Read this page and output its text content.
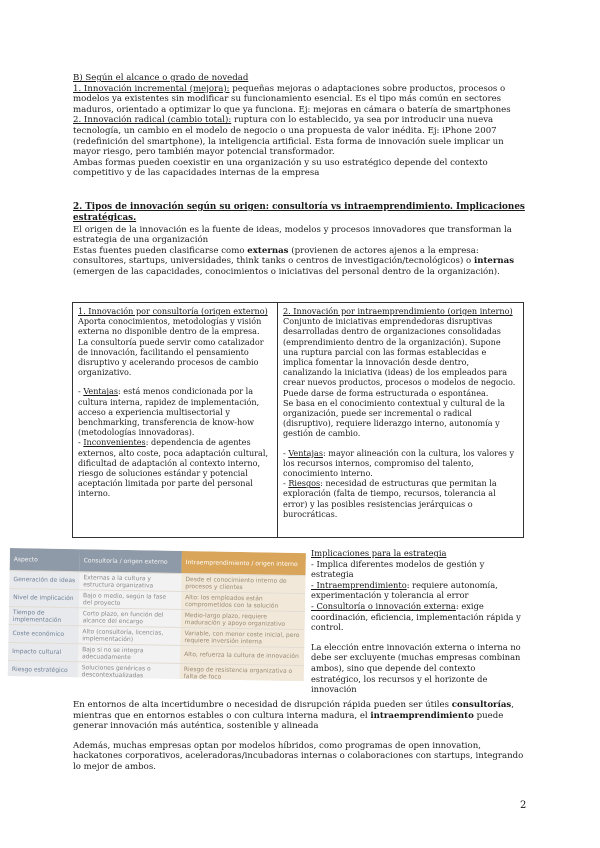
B) Según el alcance o grado de novedad

1. Innovación incremental (mejora): pequeñas mejoras o adaptaciones sobre productos, procesos o modelos ya existentes sin modificar su funcionamiento esencial. Es el tipo más común en sectores maduros, orientado a optimizar lo que ya funciona. Ej: mejoras en cámara o batería de smartphones

2. Innovación radical (cambio total): ruptura con lo establecido, ya sea por introducir una nueva tecnología, un cambio en el modelo de negocio o una propuesta de valor inédita. Ej: iPhone 2007 (redefinición del smartphone), la inteligencia artificial. Esta forma de innovación suele implicar un mayor riesgo, pero también mayor potencial transformador.

Ambas formas pueden coexistir en una organización y su uso estratégico depende del contexto competitivo y de las capacidades internas de la empresa

2. Tipos de innovación según su origen: consultoría vs intraemprendimiento. Implicaciones estratégicas.

El origen de la innovación es la fuente de ideas, modelos y procesos innovadores que transforman la estrategia de una organización

Estas fuentes pueden clasificarse como externas (provienen de actores ajenos a la empresa: consultores, startups, universidades, think tanks o centros de investigación/tecnológicos) o internas (emergen de las capacidades, conocimientos o iniciativas del personal dentro de la organización).

1. Innovación por consultoría (origen externo)

Aporta conocimientos, metodologías y visión externa no disponible dentro de la empresa. La consultoría puede servir como catalizador de innovación, facilitando el pensamiento disruptivo y acelerando procesos de cambio organizativo.

- Ventajas: está menos condicionada por la cultura interna, rapidez de implementación, acceso a experiencia multisectorial y benchmarking, transferencia de know-how (metodologías innovadoras).

- Inconvenientes: dependencia de agentes externos, alto coste, poca adaptación cultural, dificultad de adaptación al contexto interno, riesgo de soluciones estándar y potencial aceptación limitada por parte del personal interno.

2. Innovación por intraemprendimiento (origen interno)

Conjunto de iniciativas emprendedoras disruptivas desarrolladas dentro de organizaciones consolidadas (emprendimiento dentro de la organización). Supone una ruptura parcial con las formas establecidas e implica fomentar la innovación desde dentro, canalizando la iniciativa (ideas) de los empleados para crear nuevos productos, procesos o modelos de negocio.

Puede darse de forma estructurada o espontánea.

Se basa en el conocimiento contextual y cultural de la organización, puede ser incremental o radical (disruptivo), requiere liderazgo interno, autonomía y gestión de cambio.

- Ventajas: mayor alineación con la cultura, los valores y los recursos internos, compromiso del talento, conocimiento interno.

- Riesgos: necesidad de estructuras que permitan la exploración (falta de tiempo, recursos, tolerancia al error) y las posibles resistencias jerárquicas o burocráticas.

Aspecto	Consultoría / origen externo	Intraemprendimiento / origen interno
Generación de ideas	Externas a la cultura y estructura organizativa	Desde el conocimiento interno de procesos y clientes
Nivel de implicación	Bajo o medio, según la fase del proyecto	Alto: los empleados están comprometidos con la solución
Tiempo de implementación	Corto plazo, en función del alcance del encargo	Medio-largo plazo, requiere maduración y apoyo organizativo
Coste económico	Alto (consultoría, licencias, implementación)	Variable, con menor coste inicial, pero requiere inversión interna
Impacto cultural	Bajo si no se integra adecuadamente	Alto, refuerza la cultura de innovación
Riesgo estratégico	Soluciones genéricas o descontextualizadas	Riesgo de resistencia organizativa o falta de foco

Implicaciones para la estrategia

- Implica diferentes modelos de gestión y estrategia

- Intraemprendimiento: requiere autonomía, experimentación y tolerancia al error

- Consultoría o innovación externa: exige coordinación, eficiencia, implementación rápida y control.

La elección entre innovación externa o interna no debe ser excluyente (muchas empresas combinan ambos), sino que depende del contexto estratégico, los recursos y el horizonte de innovación

En entornos de alta incertidumbre o necesidad de disrupción rápida pueden ser útiles consultorías, mientras que en entornos estables o con cultura interna madura, el intraemprendimiento puede generar innovación más auténtica, sostenible y alineada

Además, muchas empresas optan por modelos híbridos, como programas de open innovation, hackatones corporativos, aceleradoras/incubadoras internas o colaboraciones con startups, integrando lo mejor de ambos.

2
